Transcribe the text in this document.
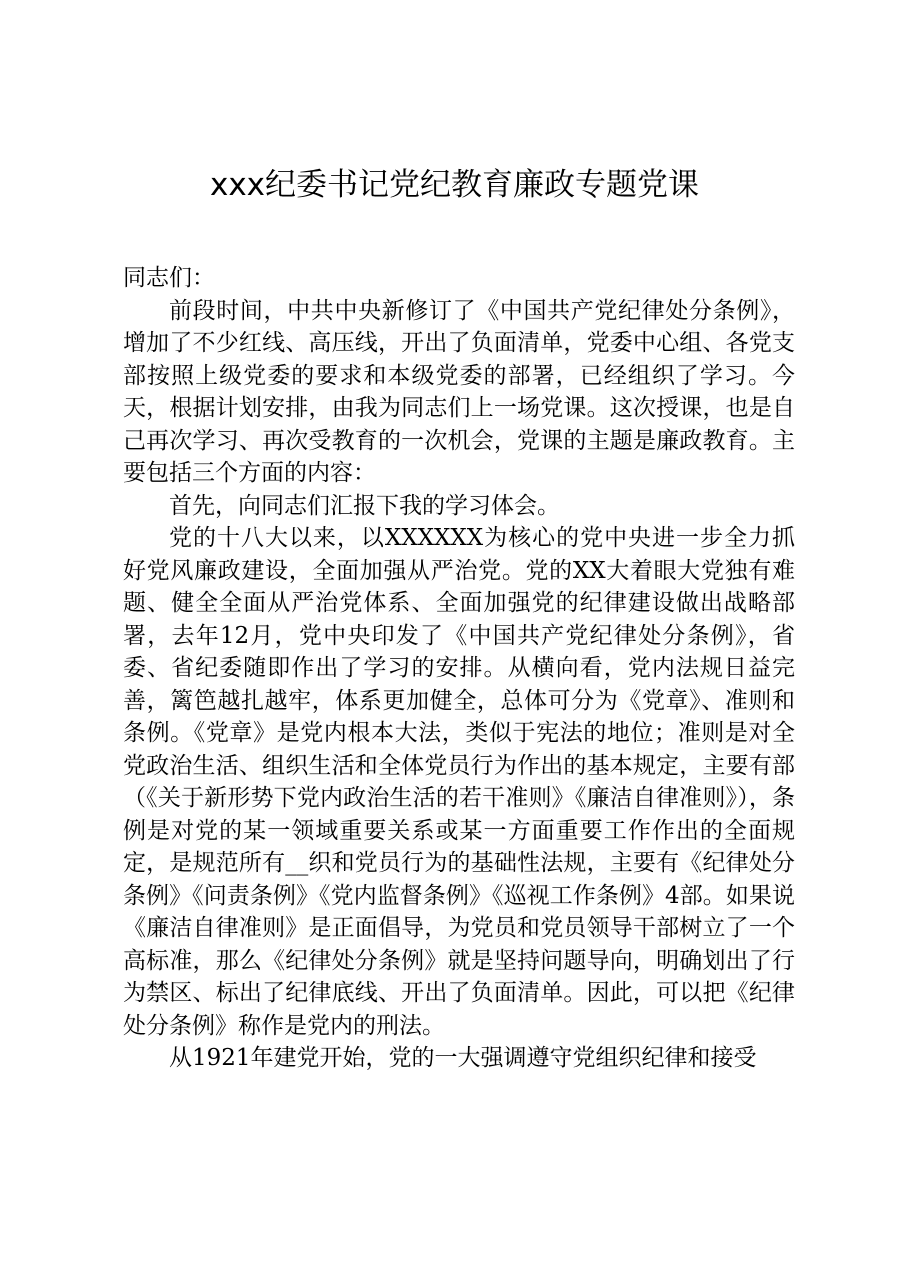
xxx纪委书记党纪教育廉政专题党课

同志们：

前段时间，中共中央新修订了《中国共产党纪律处分条例》，增加了不少红线、高压线，开出了负面清单，党委中心组、各党支部按照上级党委的要求和本级党委的部署，已经组织了学习。今天，根据计划安排，由我为同志们上一场党课。这次授课，也是自己再次学习、再次受教育的一次机会，党课的主题是廉政教育。主要包括三个方面的内容：

首先，向同志们汇报下我的学习体会。

党的十八大以来，以XXXXXX为核心的党中央进一步全力抓好党风廉政建设，全面加强从严治党。党的XX大着眼大党独有难题、健全全面从严治党体系、全面加强党的纪律建设做出战略部署，去年12月，党中央印发了《中国共产党纪律处分条例》，省委、省纪委随即作出了学习的安排。从横向看，党内法规日益完善，篱笆越扎越牢，体系更加健全，总体可分为《党章》、准则和条例。《党章》是党内根本大法，类似于宪法的地位；准则是对全党政治生活、组织生活和全体党员行为作出的基本规定，主要有部（《关于新形势下党内政治生活的若干准则》《廉洁自律准则》），条例是对党的某一领域重要关系或某一方面重要工作作出的全面规定，是规范所有__织和党员行为的基础性法规，主要有《纪律处分条例》《问责条例》《党内监督条例》《巡视工作条例》4部。如果说《廉洁自律准则》是正面倡导，为党员和党员领导干部树立了一个高标准，那么《纪律处分条例》就是坚持问题导向，明确划出了行为禁区、标出了纪律底线、开出了负面清单。因此，可以把《纪律处分条例》称作是党内的刑法。

从1921年建党开始，党的一大强调遵守党组织纪律和接受
